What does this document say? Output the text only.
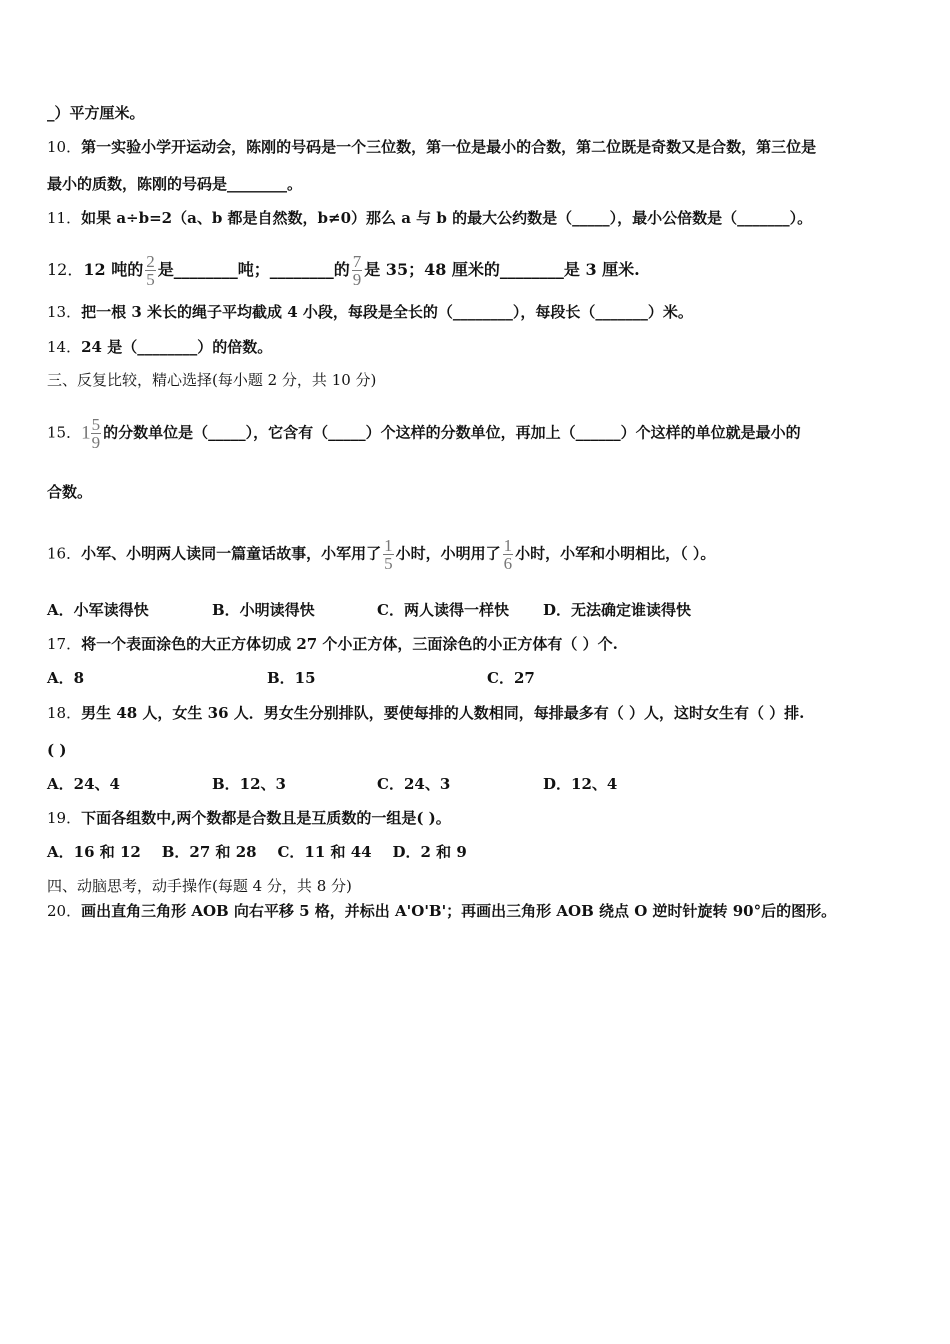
_）平方厘米。
10．第一实验小学开运动会，陈刚的号码是一个三位数，第一位是最小的合数，第二位既是奇数又是合数，第三位是
最小的质数，陈刚的号码是________。
11．如果 a÷b=2（a、b 都是自然数，b≠0）那么 a 与 b 的最大公约数是（_____），最小公倍数是（_______）。
12．12 吨的 $\frac{2}{5}$ 是________吨；________的 $\frac{7}{9}$ 是 35；48 厘米的________是 3 厘米.
13．把一根 3 米长的绳子平均截成 4 小段，每段是全长的（________），每段长（_______）米。
14．24 是（________）的倍数。
三、反复比较，精心选择(每小题 2 分，共 10 分)
15．$1 \frac{5}{9}$ 的分数单位是（_____），它含有（_____）个这样的分数单位，再加上（______）个这样的单位就是最小的
合数。
16．小军、小明两人读同一篇童话故事，小军用了 $\frac{1}{5}$ 小时，小明用了 $\frac{1}{6}$ 小时，小军和小明相比，（ ）。
A．小军读得快	B．小明读得快	C．两人读得一样快 D．无法确定谁读得快
17．将一个表面涂色的大正方体切成 27 个小正方体，三面涂色的小正方体有（ ）个.
A．8	B．15	C．27
18．男生 48 人，女生 36 人．男女生分别排队，要使每排的人数相同，每排最多有（ ）人，这时女生有（ ）排.
( )
A．24、4	B．12、3	C．24、3	D．12、4
19．下面各组数中,两个数都是合数且是互质数的一组是( )。
A．16 和 12    B．27 和 28    C．11 和 44    D．2 和 9
四、动脑思考，动手操作(每题 4 分，共 8 分)
20．画出直角三角形 AOB 向右平移 5 格，并标出 A'O'B'；再画出三角形 AOB 绕点 O 逆时针旋转 90°后的图形。
